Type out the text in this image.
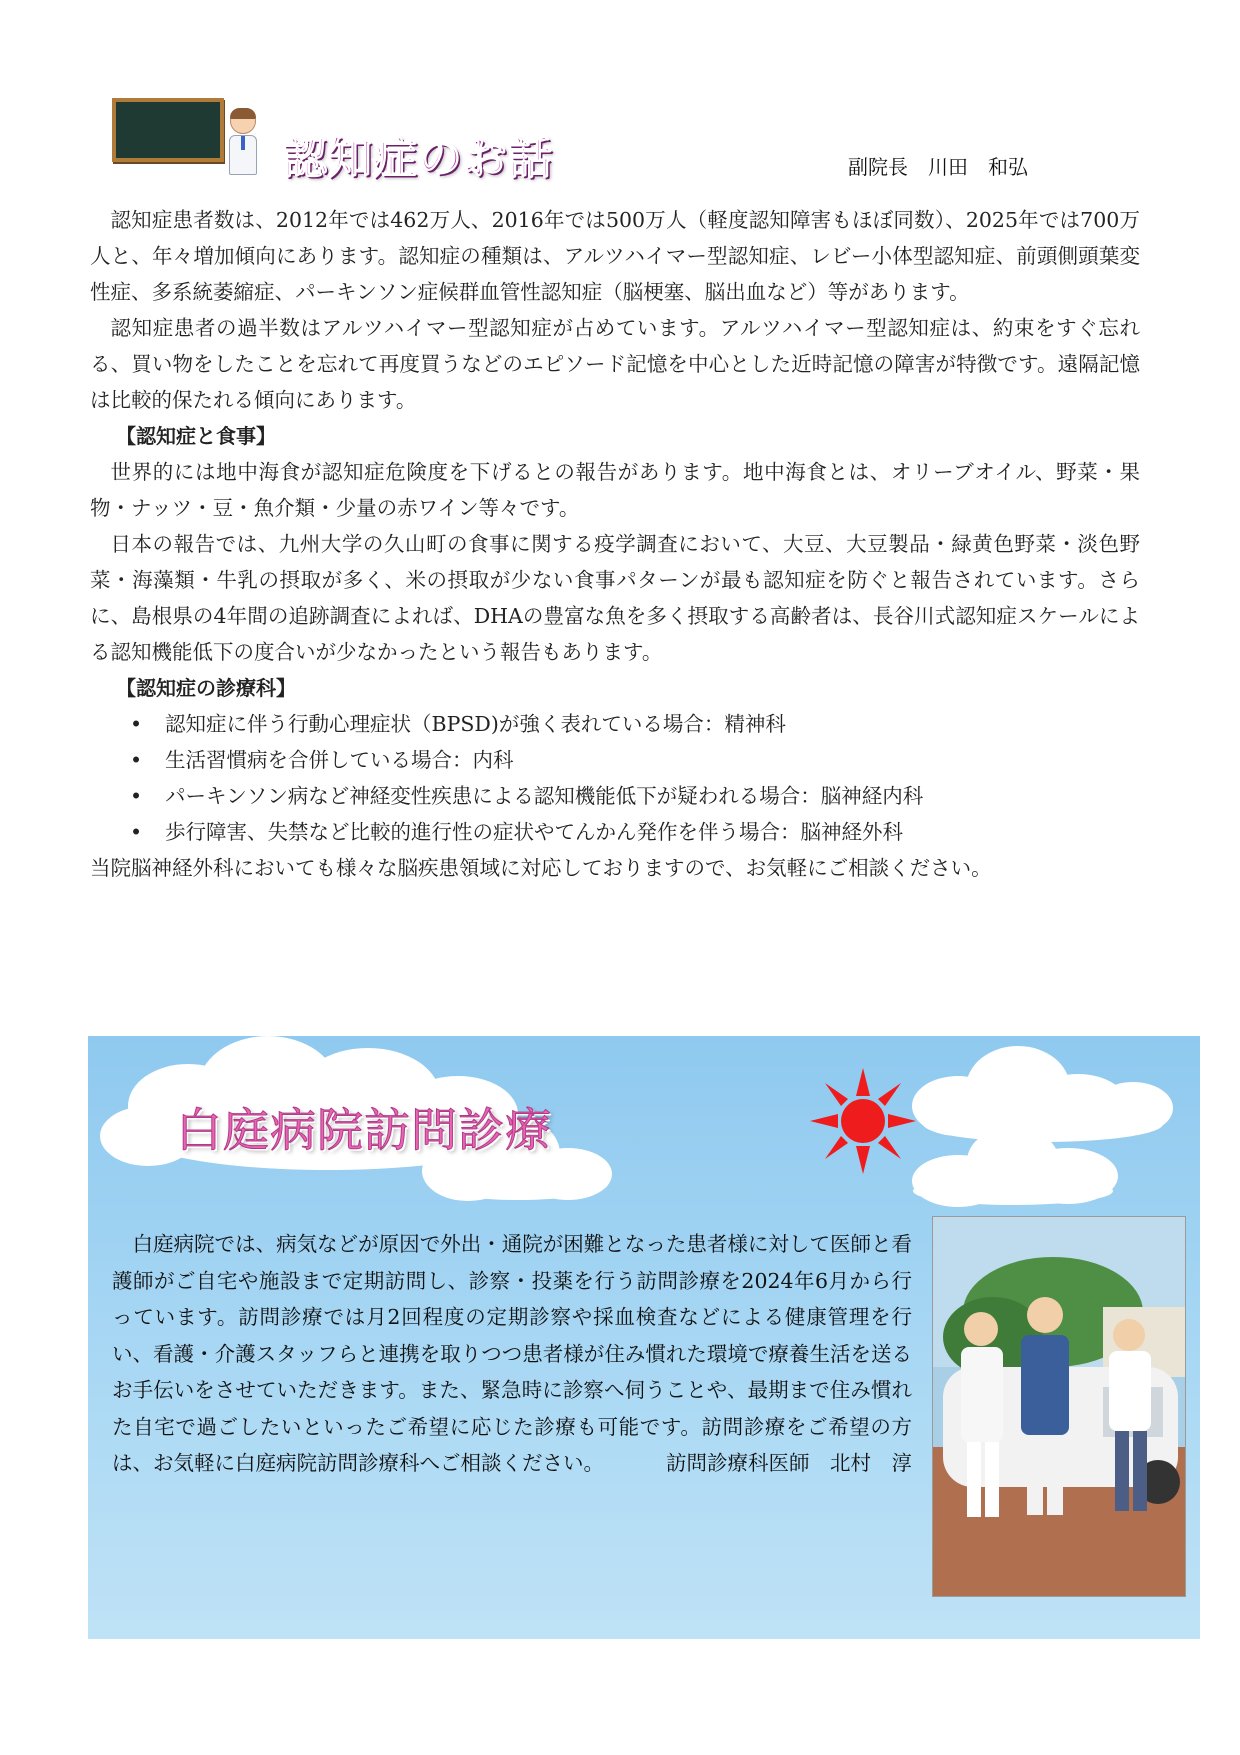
認知症のお話	副院長　川田　和弘

認知症患者数は、2012年では462万人、2016年では500万人（軽度認知障害もほぼ同数）、2025年では700万人と、年々増加傾向にあります。認知症の種類は、アルツハイマー型認知症、レビー小体型認知症、前頭側頭葉変性症、多系統萎縮症、パーキンソン症候群血管性認知症（脳梗塞、脳出血など）等があります。

認知症患者の過半数はアルツハイマー型認知症が占めています。アルツハイマー型認知症は、約束をすぐ忘れる、買い物をしたことを忘れて再度買うなどのエピソード記憶を中心とした近時記憶の障害が特徴です。遠隔記憶は比較的保たれる傾向にあります。

【認知症と食事】

世界的には地中海食が認知症危険度を下げるとの報告があります。地中海食とは、オリーブオイル、野菜・果物・ナッツ・豆・魚介類・少量の赤ワイン等々です。

日本の報告では、九州大学の久山町の食事に関する疫学調査において、大豆、大豆製品・緑黄色野菜・淡色野菜・海藻類・牛乳の摂取が多く、米の摂取が少ない食事パターンが最も認知症を防ぐと報告されています。さらに、島根県の4年間の追跡調査によれば、DHAの豊富な魚を多く摂取する高齢者は、長谷川式認知症スケールによる認知機能低下の度合いが少なかったという報告もあります。

【認知症の診療科】
• 認知症に伴う行動心理症状（BPSD)が強く表れている場合：精神科
• 生活習慣病を合併している場合：内科
• パーキンソン病など神経変性疾患による認知機能低下が疑われる場合：脳神経内科
• 歩行障害、失禁など比較的進行性の症状やてんかん発作を伴う場合：脳神経外科

当院脳神経外科においても様々な脳疾患領域に対応しておりますので、お気軽にご相談ください。

白庭病院訪問診療

白庭病院では、病気などが原因で外出・通院が困難となった患者様に対して医師と看護師がご自宅や施設まで定期訪問し、診察・投薬を行う訪問診療を2024年6月から行っています。訪問診療では月2回程度の定期診察や採血検査などによる健康管理を行い、看護・介護スタッフらと連携を取りつつ患者様が住み慣れた環境で療養生活を送るお手伝いをさせていただきます。また、緊急時に診察へ伺うことや、最期まで住み慣れた自宅で過ごしたいといったご希望に応じた診療も可能です。訪問診療をご希望の方は、お気軽に白庭病院訪問診療科へご相談ください。	訪問診療科医師　北村　淳
